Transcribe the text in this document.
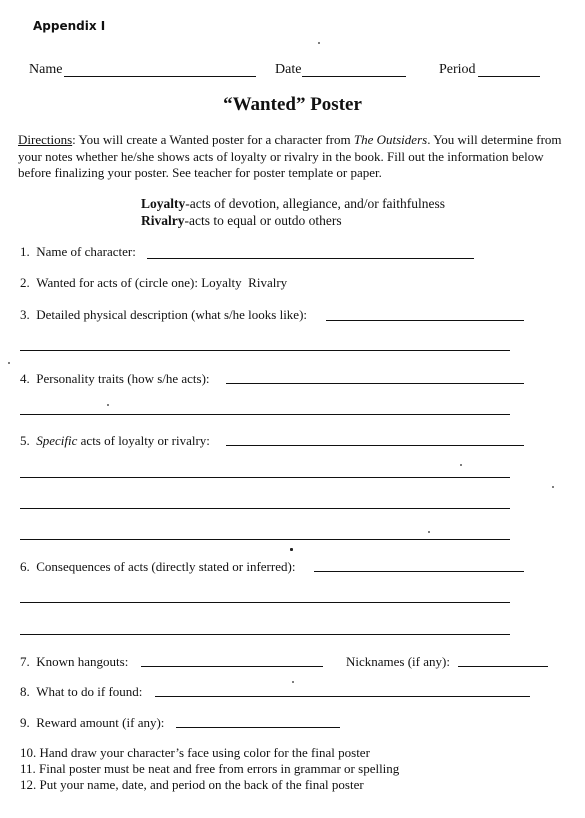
Appendix I
Name	Date	Period
“Wanted” Poster
Directions: You will create a Wanted poster for a character from The Outsiders. You will determine from your notes whether he/she shows acts of loyalty or rivalry in the book. Fill out the information below before finalizing your poster. See teacher for poster template or paper.
Loyalty-acts of devotion, allegiance, and/or faithfulness
Rivalry-acts to equal or outdo others
1. Name of character:
2. Wanted for acts of (circle one): Loyalty  Rivalry
3. Detailed physical description (what s/he looks like):
4. Personality traits (how s/he acts):
5. Specific acts of loyalty or rivalry:
6. Consequences of acts (directly stated or inferred):
7. Known hangouts:	Nicknames (if any):
8. What to do if found:
9. Reward amount (if any):
10. Hand draw your character’s face using color for the final poster
11. Final poster must be neat and free from errors in grammar or spelling
12. Put your name, date, and period on the back of the final poster
